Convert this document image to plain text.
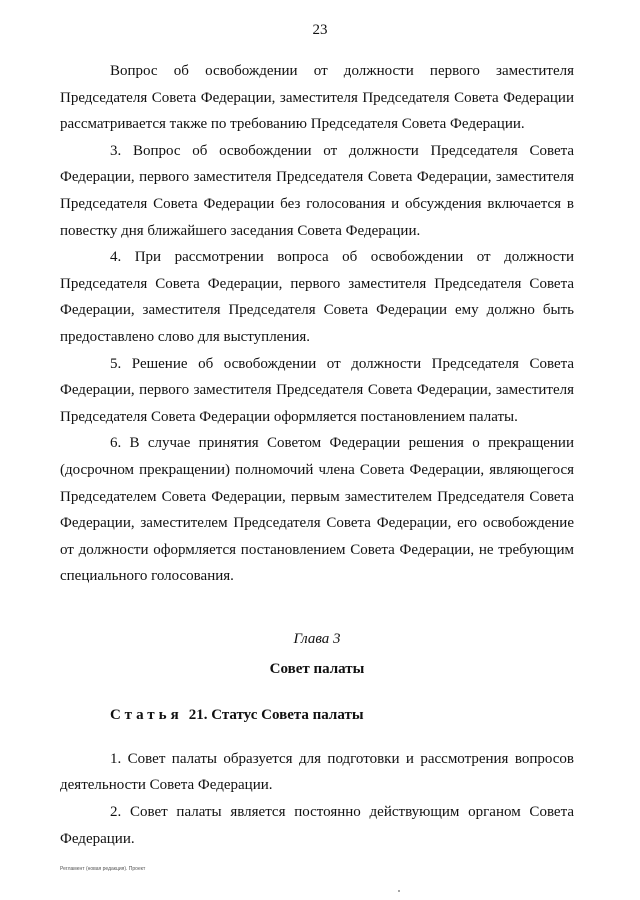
23

Вопрос об освобождении от должности первого заместителя Председателя Совета Федерации, заместителя Председателя Совета Федерации рассматривается также по требованию Председателя Совета Федерации.

3. Вопрос об освобождении от должности Председателя Совета Федерации, первого заместителя Председателя Совета Федерации, заместителя Председателя Совета Федерации без голосования и обсуждения включается в повестку дня ближайшего заседания Совета Федерации.

4. При рассмотрении вопроса об освобождении от должности Председателя Совета Федерации, первого заместителя Председателя Совета Федерации, заместителя Председателя Совета Федерации ему должно быть предоставлено слово для выступления.

5. Решение об освобождении от должности Председателя Совета Федерации, первого заместителя Председателя Совета Федерации, заместителя Председателя Совета Федерации оформляется постановлением палаты.

6. В случае принятия Советом Федерации решения о прекращении (досрочном прекращении) полномочий члена Совета Федерации, являющегося Председателем Совета Федерации, первым заместителем Председателя Совета Федерации, заместителем Председателя Совета Федерации, его освобождение от должности оформляется постановлением Совета Федерации, не требующим специального голосования.

Глава 3
Совет палаты
Статья 21. Статус Совета палаты

1. Совет палаты образуется для подготовки и рассмотрения вопросов деятельности Совета Федерации.

2. Совет палаты является постоянно действующим органом Совета Федерации.

Регламент (новая редакция). Проект
